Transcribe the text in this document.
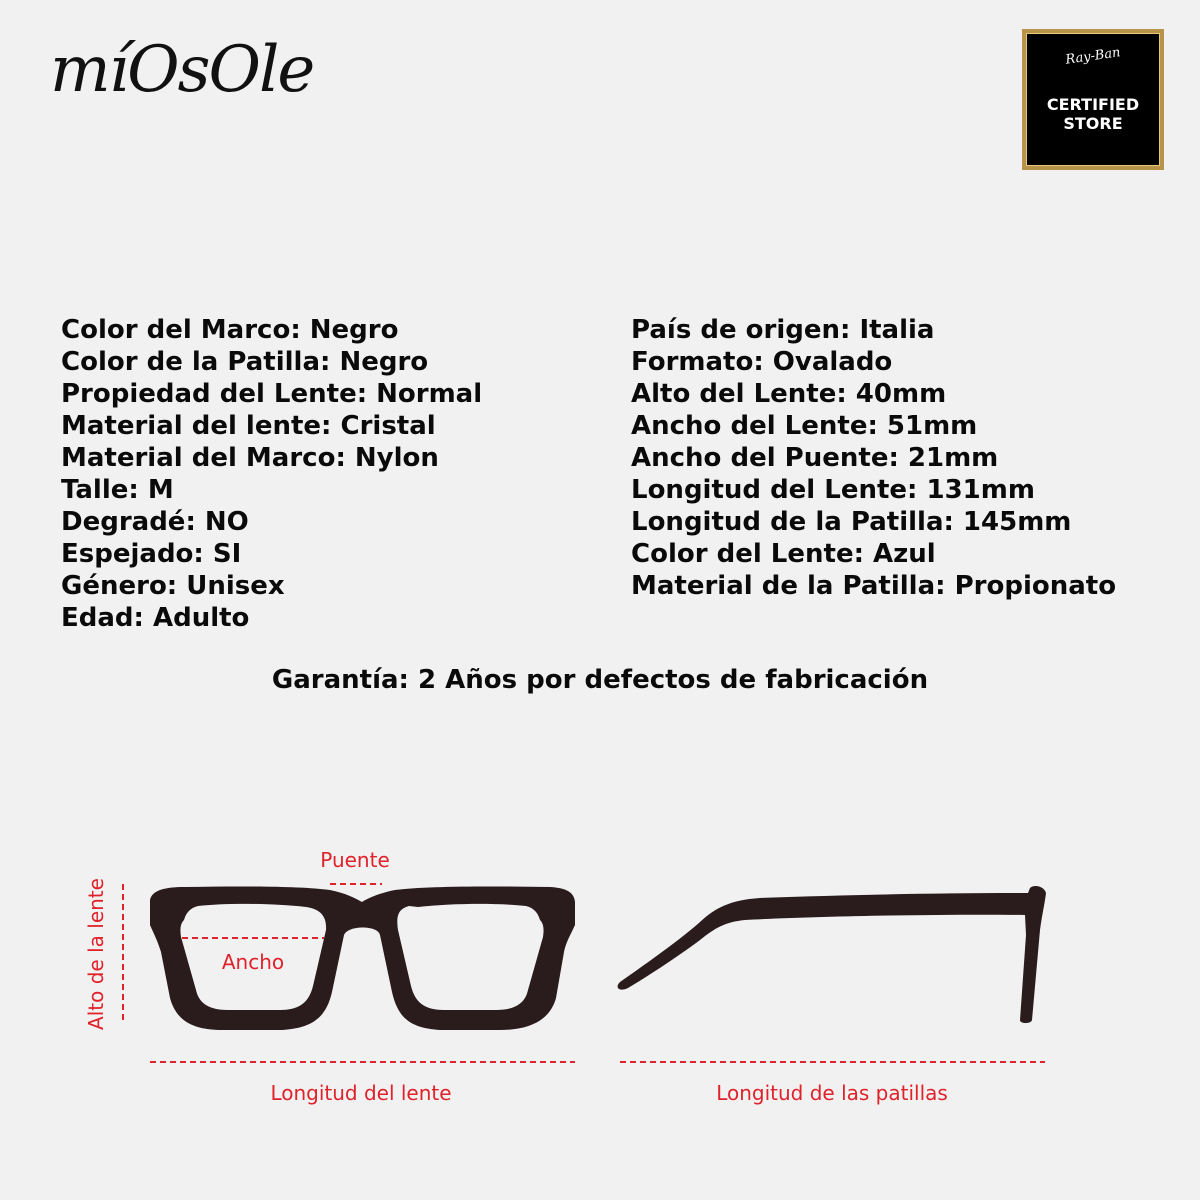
míOsOle	Ray-Ban
CERTIFIED
STORE
Color del Marco: Negro
Color de la Patilla: Negro
Propiedad del Lente: Normal
Material del lente: Cristal
Material del Marco: Nylon
Talle: M
Degradé: NO
Espejado: SI
Género: Unisex
Edad: Adulto
País de origen: Italia
Formato: Ovalado
Alto del Lente: 40mm
Ancho del Lente: 51mm
Ancho del Puente: 21mm
Longitud del Lente: 131mm
Longitud de la Patilla: 145mm
Color del Lente: Azul
Material de la Patilla: Propionato
Garantía: 2 Años por defectos de fabricación
Puente
Ancho
Alto de la lente
Longitud del lente	Longitud de las patillas
